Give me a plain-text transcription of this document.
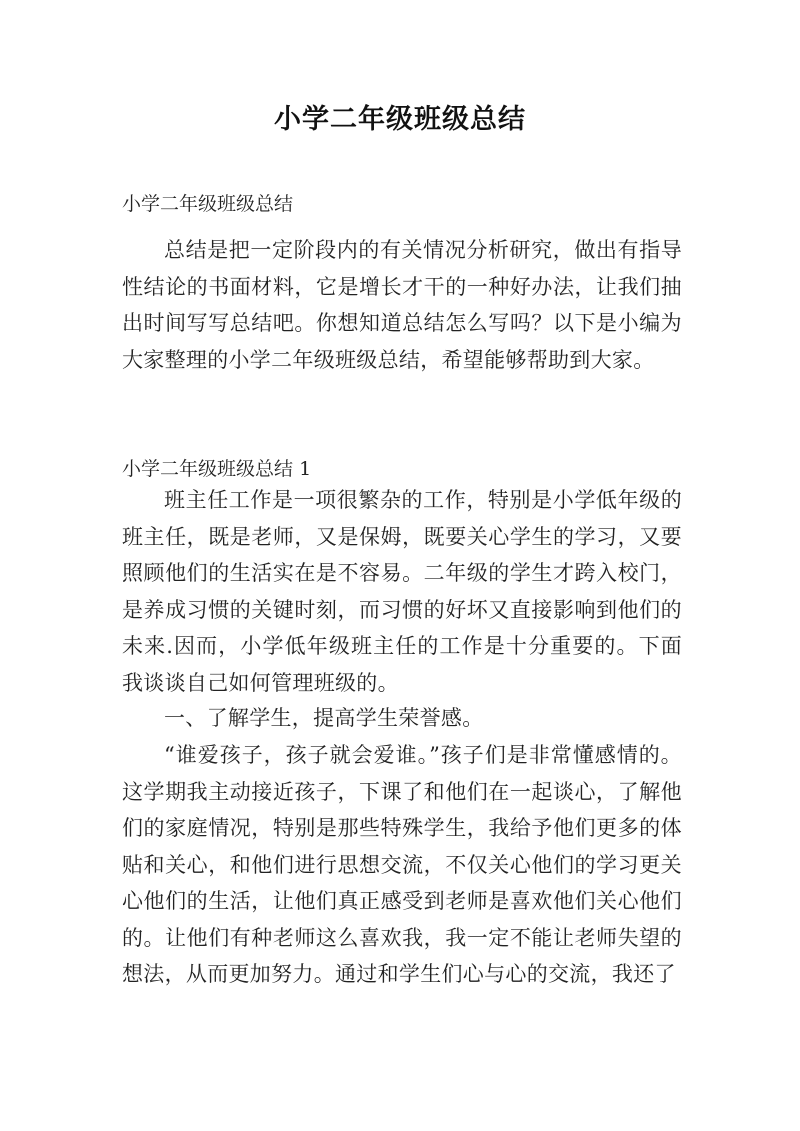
小学二年级班级总结
小学二年级班级总结
总结是把一定阶段内的有关情况分析研究，做出有指导性结论的书面材料，它是增长才干的一种好办法，让我们抽出时间写写总结吧。你想知道总结怎么写吗？以下是小编为大家整理的小学二年级班级总结，希望能够帮助到大家。
小学二年级班级总结 1
班主任工作是一项很繁杂的工作，特别是小学低年级的班主任，既是老师，又是保姆，既要关心学生的学习，又要照顾他们的生活实在是不容易。二年级的学生才跨入校门，是养成习惯的关键时刻，而习惯的好坏又直接影响到他们的未来.因而，小学低年级班主任的工作是十分重要的。下面我谈谈自己如何管理班级的。
一、了解学生，提高学生荣誉感。
“谁爱孩子，孩子就会爱谁。”孩子们是非常懂感情的。这学期我主动接近孩子，下课了和他们在一起谈心，了解他们的家庭情况，特别是那些特殊学生，我给予他们更多的体贴和关心，和他们进行思想交流，不仅关心他们的学习更关心他们的生活，让他们真正感受到老师是喜欢他们关心他们的。让他们有种老师这么喜欢我，我一定不能让老师失望的想法，从而更加努力。通过和学生们心与心的交流，我还了
